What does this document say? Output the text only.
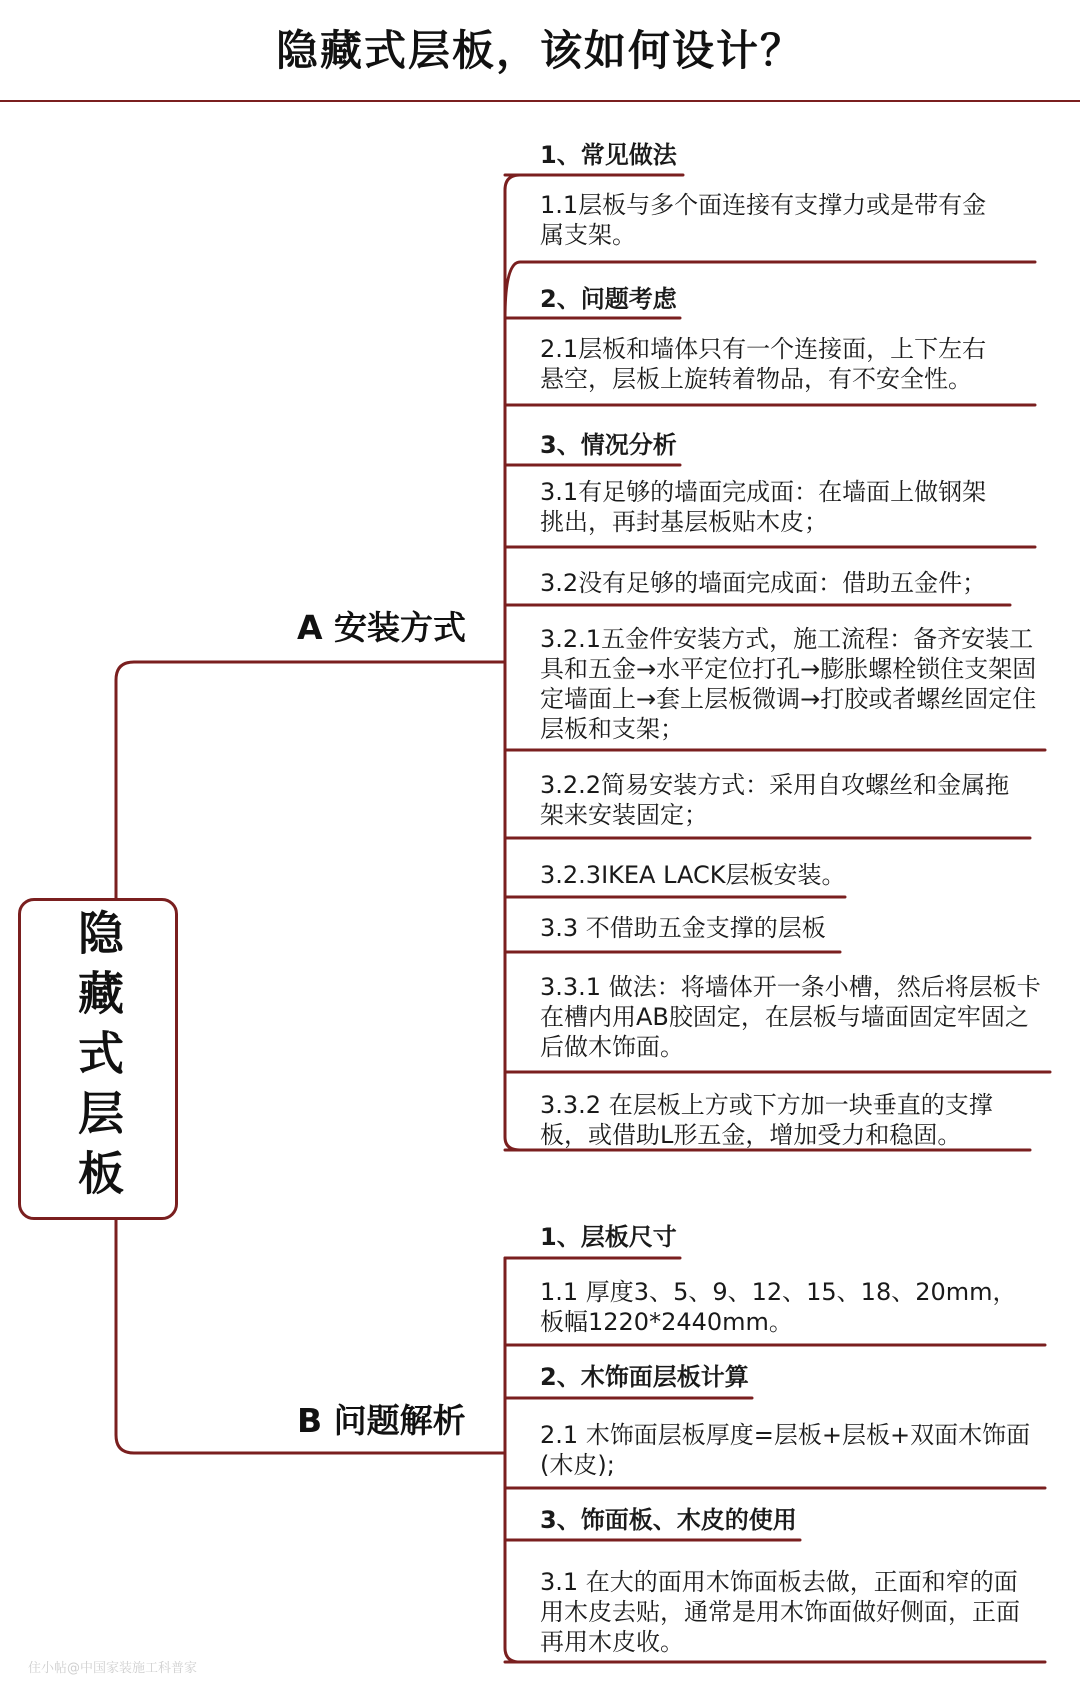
隐藏式层板，该如何设计？
隐藏式层板
A 安装方式
B 问题解析
1、常见做法
1.1层板与多个面连接有支撑力或是带有金属支架。
2、问题考虑
2.1层板和墙体只有一个连接面，上下左右悬空，层板上旋转着物品，有不安全性。
3、情况分析
3.1有足够的墙面完成面：在墙面上做钢架挑出，再封基层板贴木皮；
3.2没有足够的墙面完成面：借助五金件；
3.2.1五金件安装方式，施工流程：备齐安装工具和五金→水平定位打孔→膨胀螺栓锁住支架固定墙面上→套上层板微调→打胶或者螺丝固定住层板和支架；
3.2.2简易安装方式：采用自攻螺丝和金属拖架来安装固定；
3.2.3IKEA LACK层板安装。
3.3 不借助五金支撑的层板
3.3.1 做法：将墙体开一条小槽，然后将层板卡在槽内用AB胶固定，在层板与墙面固定牢固之后做木饰面。
3.3.2 在层板上方或下方加一块垂直的支撑板，或借助L形五金，增加受力和稳固。
1、层板尺寸
1.1 厚度3、5、9、12、15、18、20mm，板幅1220*2440mm。
2、木饰面层板计算
2.1 木饰面层板厚度=层板+层板+双面木饰面(木皮);
3、饰面板、木皮的使用
3.1 在大的面用木饰面板去做，正面和窄的面用木皮去贴，通常是用木饰面做好侧面，正面再用木皮收。
住小帖@中国家装施工科普家
